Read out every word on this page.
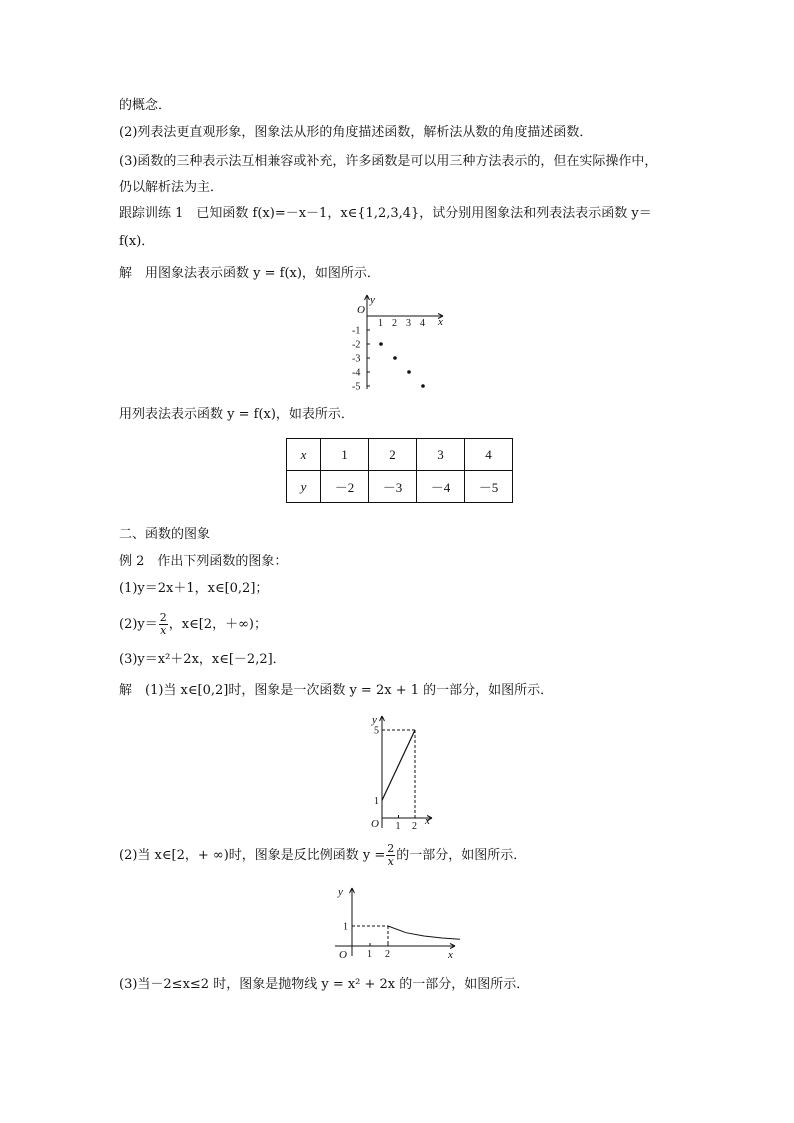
的概念．
(2)列表法更直观形象，图象法从形的角度描述函数，解析法从数的角度描述函数．
(3)函数的三种表示法互相兼容或补充，许多函数是可以用三种方法表示的，但在实际操作中，
仍以解析法为主．
跟踪训练 1　已知函数 f(x)=－x－1，x∈{1,2,3,4}，试分别用图象法和列表法表示函数 y＝
f(x)．
解　用图象法表示函数 y = f(x)，如图所示．
y
x
O
1 2 3 4
-1
-2
-3
-4
-5
用列表法表示函数 y = f(x)，如表所示．
x	1	2	3	4
y	－2	－3	－4	－5
二、函数的图象
例 2　作出下列函数的图象：
(1)y＝2x＋1，x∈[0,2]；
$(2)y= \frac{2}{x}$ ，x∈[2，＋∞)；
(3)y＝x²＋2x，x∈[－2,2]．
解　(1)当 x∈[0,2]时，图象是一次函数 y = 2x + 1 的一部分，如图所示．
y
x
O 1 2
1
5
(2)当 x∈[2，+ ∞)时，图象是反比例函数 $y = \frac{2}{x}$ 的一部分，如图所示．
y
x
O 1 2
1
(3)当－2≤x≤2 时，图象是抛物线 y = x² + 2x 的一部分，如图所示．
